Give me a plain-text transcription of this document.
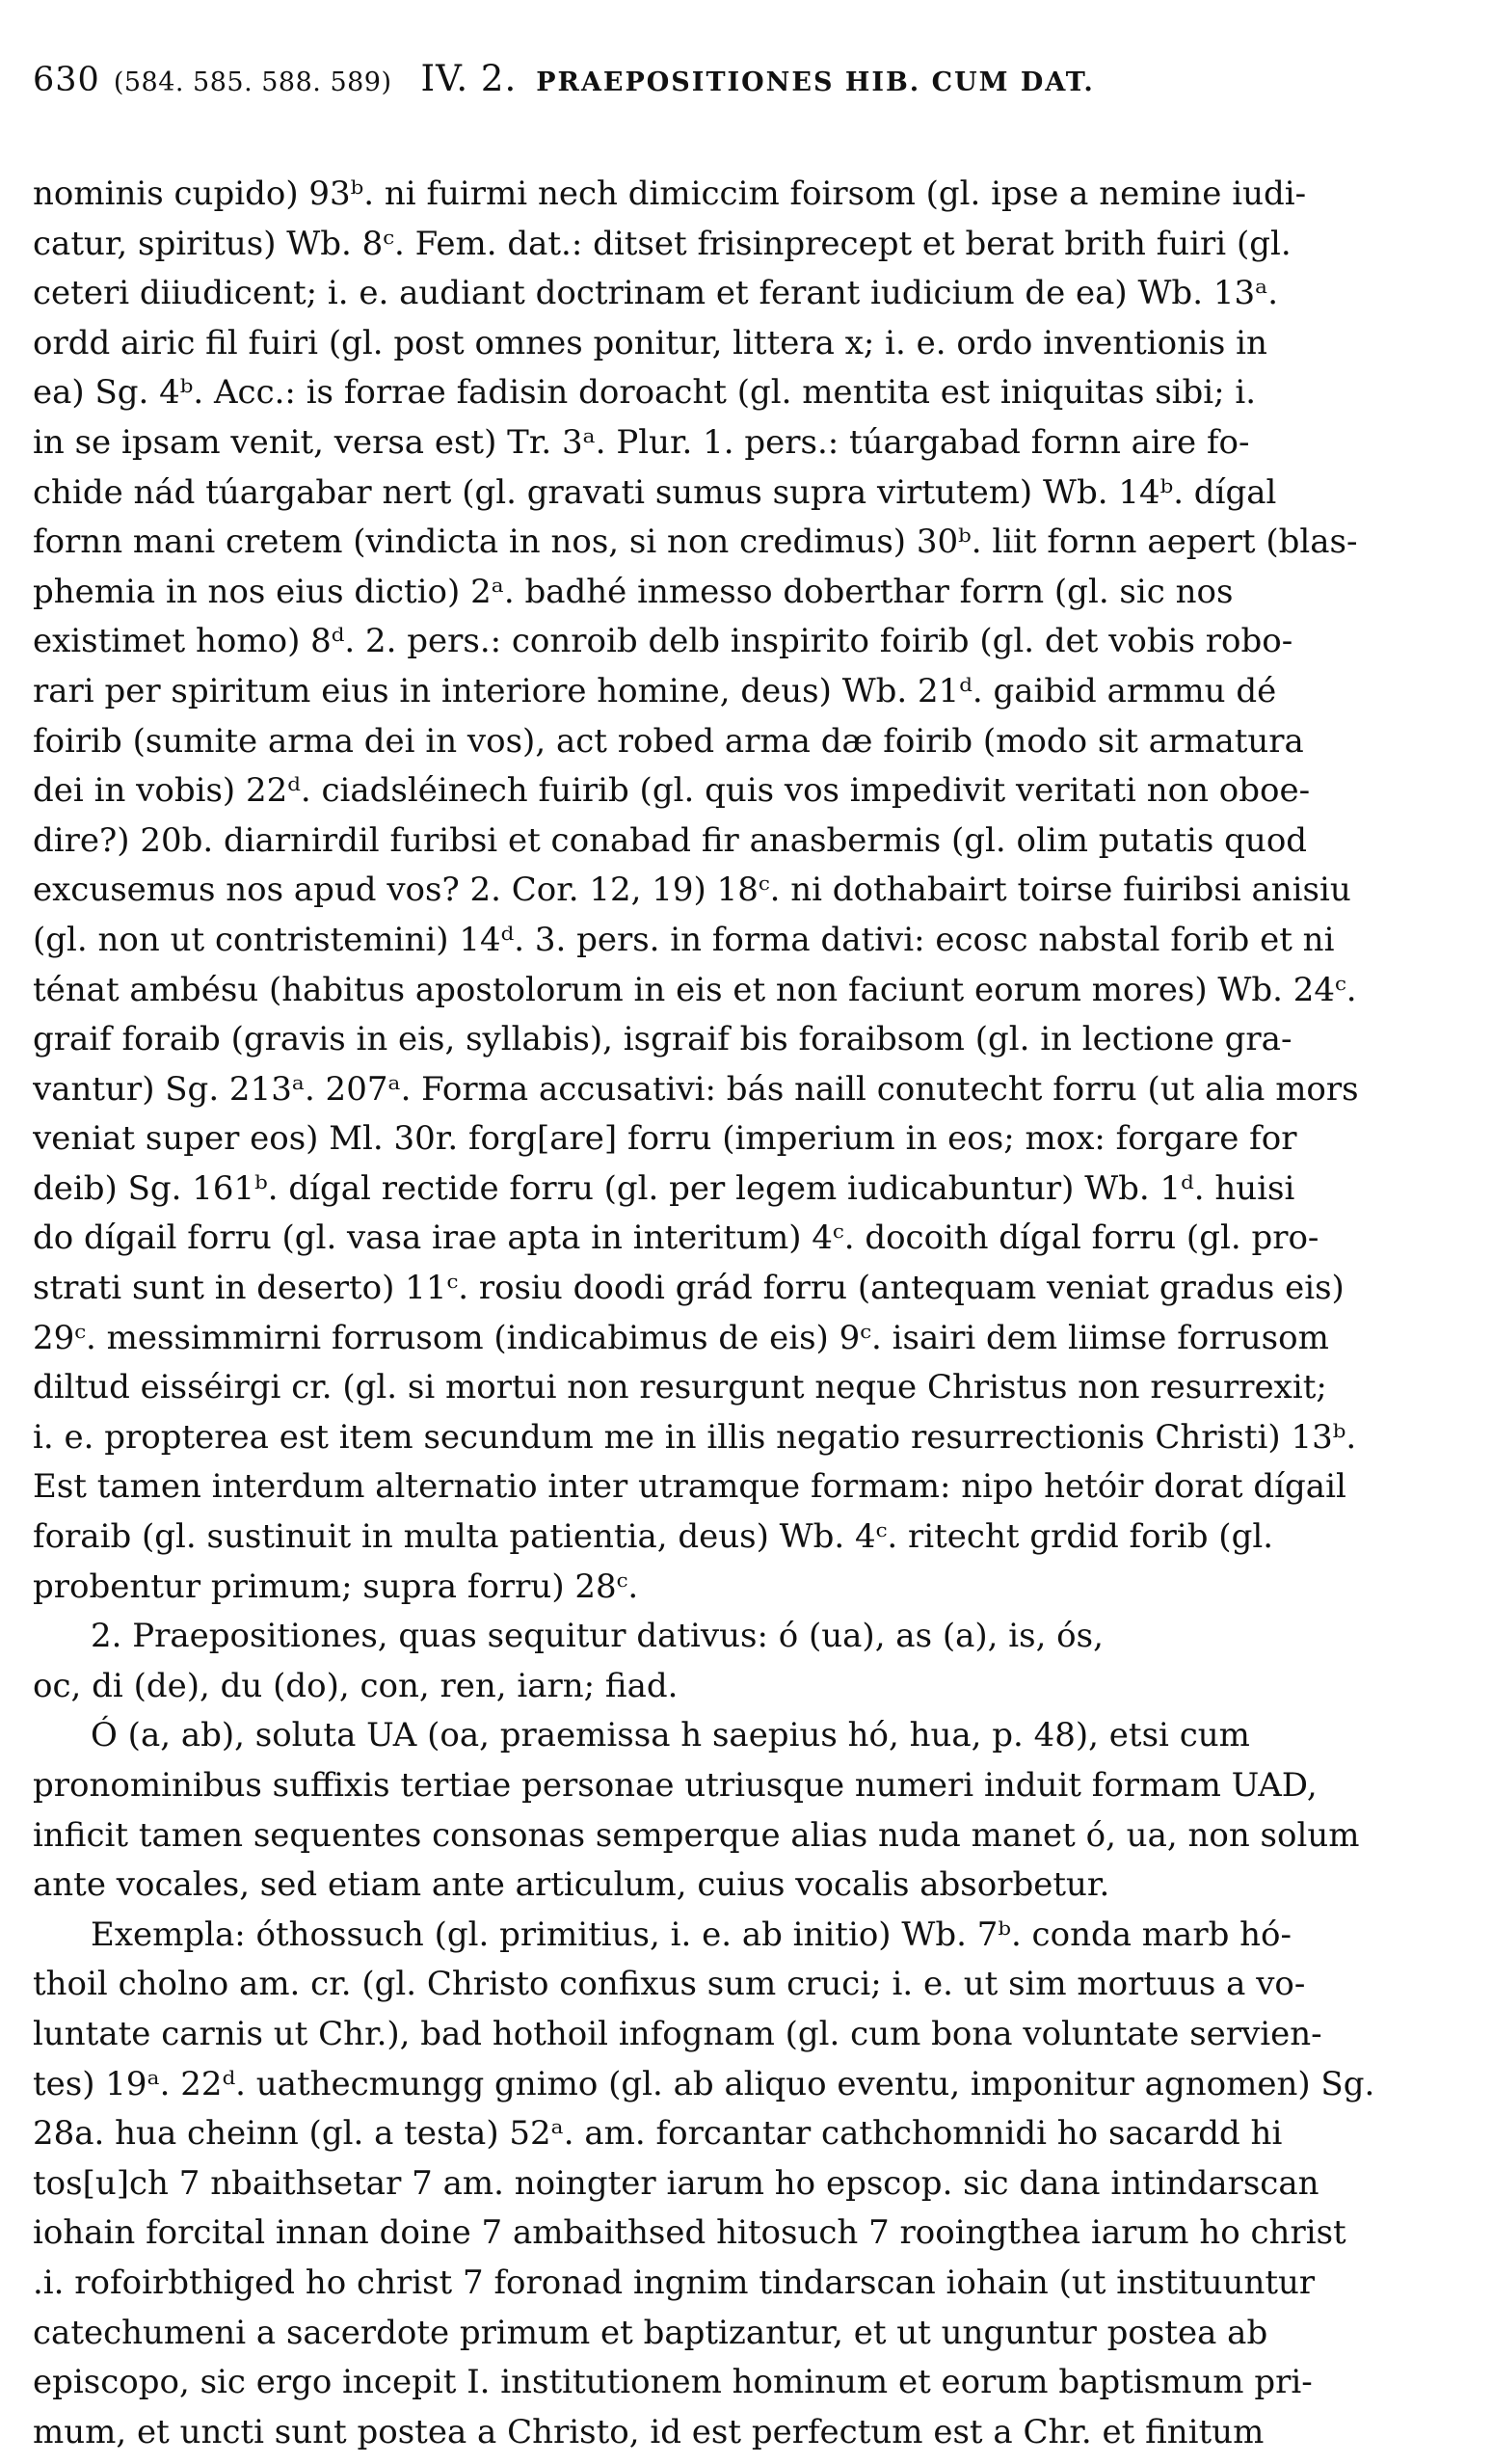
630 (584. 585. 588. 589) IV. 2. PRAEPOSITIONES HIB. CUM DAT.
nominis cupido) 93ᵇ. ni fuirmi nech dimiccim foirsom (gl. ipse a nemine iudi-
catur, spiritus) Wb. 8ᶜ. Fem. dat.: ditset frisinprecept et berat brith fuiri (gl.
ceteri diiudicent; i. e. audiant doctrinam et ferant iudicium de ea) Wb. 13ᵃ.
ordd airic fil fuiri (gl. post omnes ponitur, littera x; i. e. ordo inventionis in
ea) Sg. 4ᵇ. Acc.: is forrae fadisin doroacht (gl. mentita est iniquitas sibi; i.
in se ipsam venit, versa est) Tr. 3ᵃ. Plur. 1. pers.: túargabad fornn aire fo-
chide nád túargabar nert (gl. gravati sumus supra virtutem) Wb. 14ᵇ. dígal
fornn mani cretem (vindicta in nos, si non credimus) 30ᵇ. liit fornn aepert (blas-
phemia in nos eius dictio) 2ᵃ. badhé inmesso doberthar forrn (gl. sic nos
existimet homo) 8ᵈ. 2. pers.: conroib delb inspirito foirib (gl. det vobis robo-
rari per spiritum eius in interiore homine, deus) Wb. 21ᵈ. gaibid armmu dé
foirib (sumite arma dei in vos), act robed arma dæ foirib (modo sit armatura
dei in vobis) 22ᵈ. ciadsléinech fuirib (gl. quis vos impedivit veritati non oboe-
dire?) 20b. diarnirdil furibsi et conabad fir anasbermis (gl. olim putatis quod
excusemus nos apud vos? 2. Cor. 12, 19) 18ᶜ. ni dothabairt toirse fuiribsi anisiu
(gl. non ut contristemini) 14ᵈ. 3. pers. in forma dativi: ecosc nabstal forib et ni
ténat ambésu (habitus apostolorum in eis et non faciunt eorum mores) Wb. 24ᶜ.
graif foraib (gravis in eis, syllabis), isgraif bis foraibsom (gl. in lectione gra-
vantur) Sg. 213ᵃ. 207ᵃ. Forma accusativi: bás naill conutecht forru (ut alia mors
veniat super eos) Ml. 30r. forg[are] forru (imperium in eos; mox: forgare for
deib) Sg. 161ᵇ. dígal rectide forru (gl. per legem iudicabuntur) Wb. 1ᵈ. huisi
do dígail forru (gl. vasa irae apta in interitum) 4ᶜ. docoith dígal forru (gl. pro-
strati sunt in deserto) 11ᶜ. rosiu doodi grád forru (antequam veniat gradus eis)
29ᶜ. messimmirni forrusom (indicabimus de eis) 9ᶜ. isairi dem liimse forrusom
diltud eisséirgi cr. (gl. si mortui non resurgunt neque Christus non resurrexit;
i. e. propterea est item secundum me in illis negatio resurrectionis Christi) 13ᵇ.
Est tamen interdum alternatio inter utramque formam: nipo hetóir dorat dígail
foraib (gl. sustinuit in multa patientia, deus) Wb. 4ᶜ. ritecht grdid forib (gl.
probentur primum; supra forru) 28ᶜ.
2. Praepositiones, quas sequitur dativus: ó (ua), as (a), is, ós,
oc, di (de), du (do), con, ren, iarn; fiad.
Ó (a, ab), soluta UA (oa, praemissa h saepius hó, hua, p. 48), etsi cum
pronominibus suffixis tertiae personae utriusque numeri induit formam UAD,
inficit tamen sequentes consonas semperque alias nuda manet ó, ua, non solum
ante vocales, sed etiam ante articulum, cuius vocalis absorbetur.
Exempla: óthossuch (gl. primitius, i. e. ab initio) Wb. 7ᵇ. conda marb hó-
thoil cholno am. cr. (gl. Christo confixus sum cruci; i. e. ut sim mortuus a vo-
luntate carnis ut Chr.), bad hothoil infognam (gl. cum bona voluntate servien-
tes) 19ᵃ. 22ᵈ. uathecmungg gnimo (gl. ab aliquo eventu, imponitur agnomen) Sg.
28a. hua cheinn (gl. a testa) 52ᵃ. am. forcantar cathchomnidi ho sacardd hi
tos[u]ch 7 nbaithsetar 7 am. noingter iarum ho epscop. sic dana intindarscan
iohain forcital innan doine 7 ambaithsed hitosuch 7 rooingthea iarum ho christ
.i. rofoirbthiged ho christ 7 foronad ingnim tindarscan iohain (ut instituuntur
catechumeni a sacerdote primum et baptizantur, et ut unguntur postea ab
episcopo, sic ergo incepit I. institutionem hominum et eorum baptismum pri-
mum, et uncti sunt postea a Christo, id est perfectum est a Chr. et finitum
